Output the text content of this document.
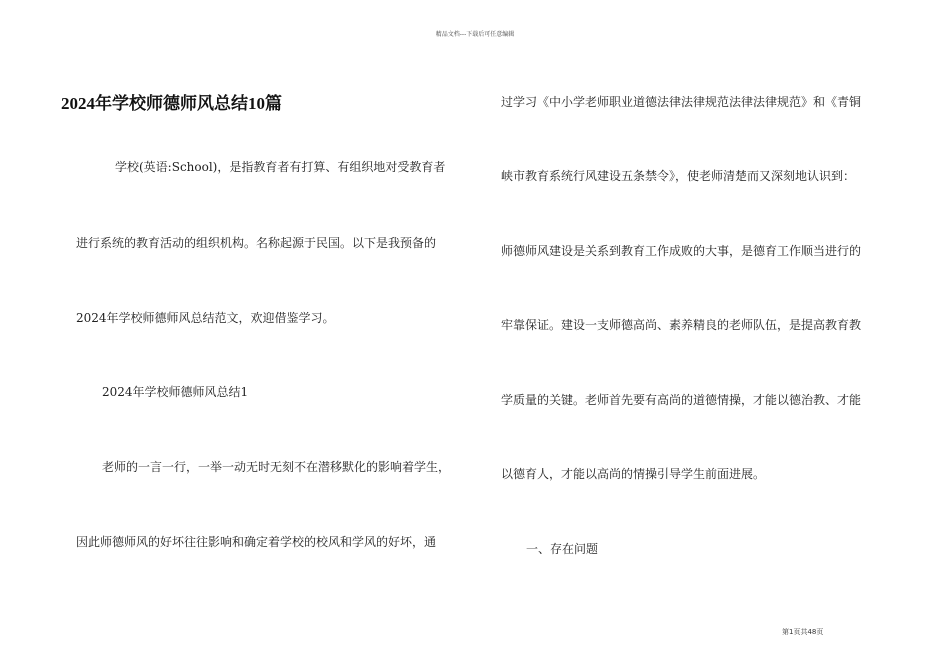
精品文档---下载后可任意编辑
2024年学校师德师风总结10篇
学校(英语:School)，是指教育者有打算、有组织地对受教育者
进行系统的教育活动的组织机构。名称起源于民国。以下是我预备的
2024年学校师德师风总结范文，欢迎借鉴学习。
2024年学校师德师风总结1
老师的一言一行，一举一动无时无刻不在潜移默化的影响着学生，
因此师德师风的好坏往往影响和确定着学校的校风和学风的好坏，通
过学习《中小学老师职业道德法律法律规范法律法律规范》和《青铜
峡市教育系统行风建设五条禁令》，使老师清楚而又深刻地认识到：
师德师风建设是关系到教育工作成败的大事，是德育工作顺当进行的
牢靠保证。建设一支师德高尚、素养精良的老师队伍，是提高教育教
学质量的关键。老师首先要有高尚的道德情操，才能以德治教、才能
以德育人，才能以高尚的情操引导学生前面进展。
一、存在问题
第1页共48页
